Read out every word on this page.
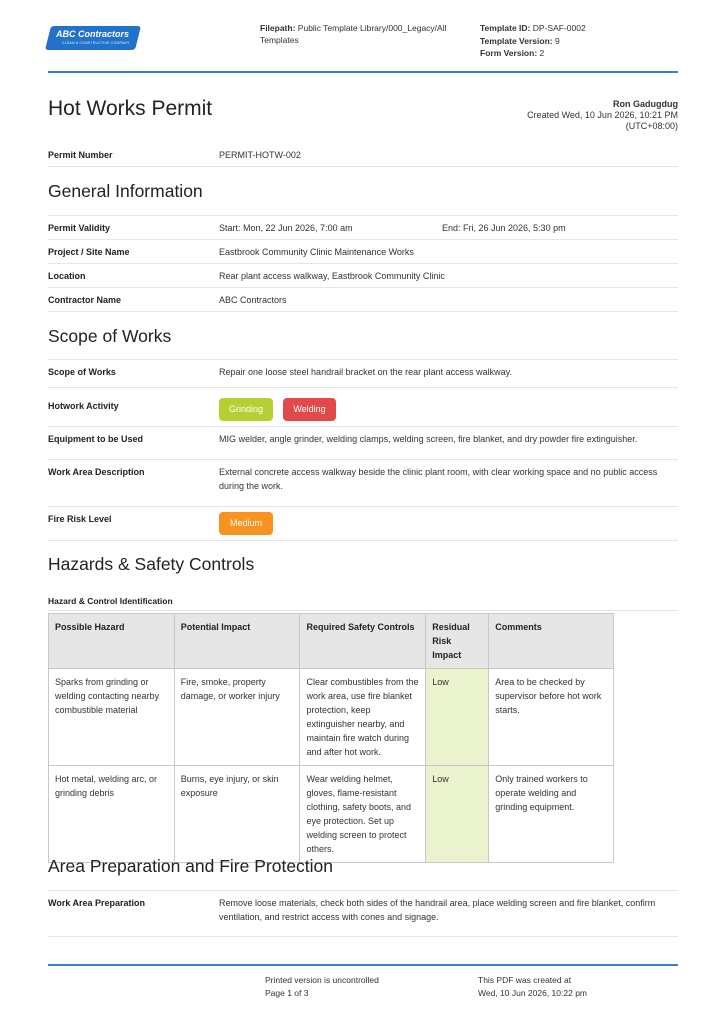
ABC Contractors
CLEAN & CONSTRUCTIVE COMPANY
Filepath: Public Template Library/000_Legacy/All Templates
Template ID: DP-SAF-0002
Template Version: 9
Form Version: 2
Hot Works Permit	Ron Gadugdug
Created Wed, 10 Jun 2026, 10:21 PM
(UTC+08:00)
Permit Number	PERMIT-HOTW-002
General Information
Permit Validity	Start: Mon, 22 Jun 2026, 7:00 am	End: Fri, 26 Jun 2026, 5:30 pm
Project / Site Name	Eastbrook Community Clinic Maintenance Works
Location	Rear plant access walkway, Eastbrook Community Clinic
Contractor Name	ABC Contractors
Scope of Works
Scope of Works	Repair one loose steel handrail bracket on the rear plant access walkway.
Hotwork Activity	Grinding	Welding
Equipment to be Used	MIG welder, angle grinder, welding clamps, welding screen, fire blanket, and dry powder fire extinguisher.
Work Area Description	External concrete access walkway beside the clinic plant room, with clear working space and no public access during the work.
Fire Risk Level	Medium
Hazards & Safety Controls
Hazard & Control Identification
Possible Hazard	Potential Impact	Required Safety Controls	Residual Risk Impact	Comments
Sparks from grinding or welding contacting nearby combustible material	Fire, smoke, property damage, or worker injury	Clear combustibles from the work area, use fire blanket protection, keep extinguisher nearby, and maintain fire watch during and after hot work.	Low	Area to be checked by supervisor before hot work starts.
Hot metal, welding arc, or grinding debris	Burns, eye injury, or skin exposure	Wear welding helmet, gloves, flame-resistant clothing, safety boots, and eye protection. Set up welding screen to protect others.	Low	Only trained workers to operate welding and grinding equipment.
Area Preparation and Fire Protection
Work Area Preparation	Remove loose materials, check both sides of the handrail area, place welding screen and fire blanket, confirm ventilation, and restrict access with cones and signage.
Printed version is uncontrolled
Page 1 of 3
This PDF was created at
Wed, 10 Jun 2026, 10:22 pm
